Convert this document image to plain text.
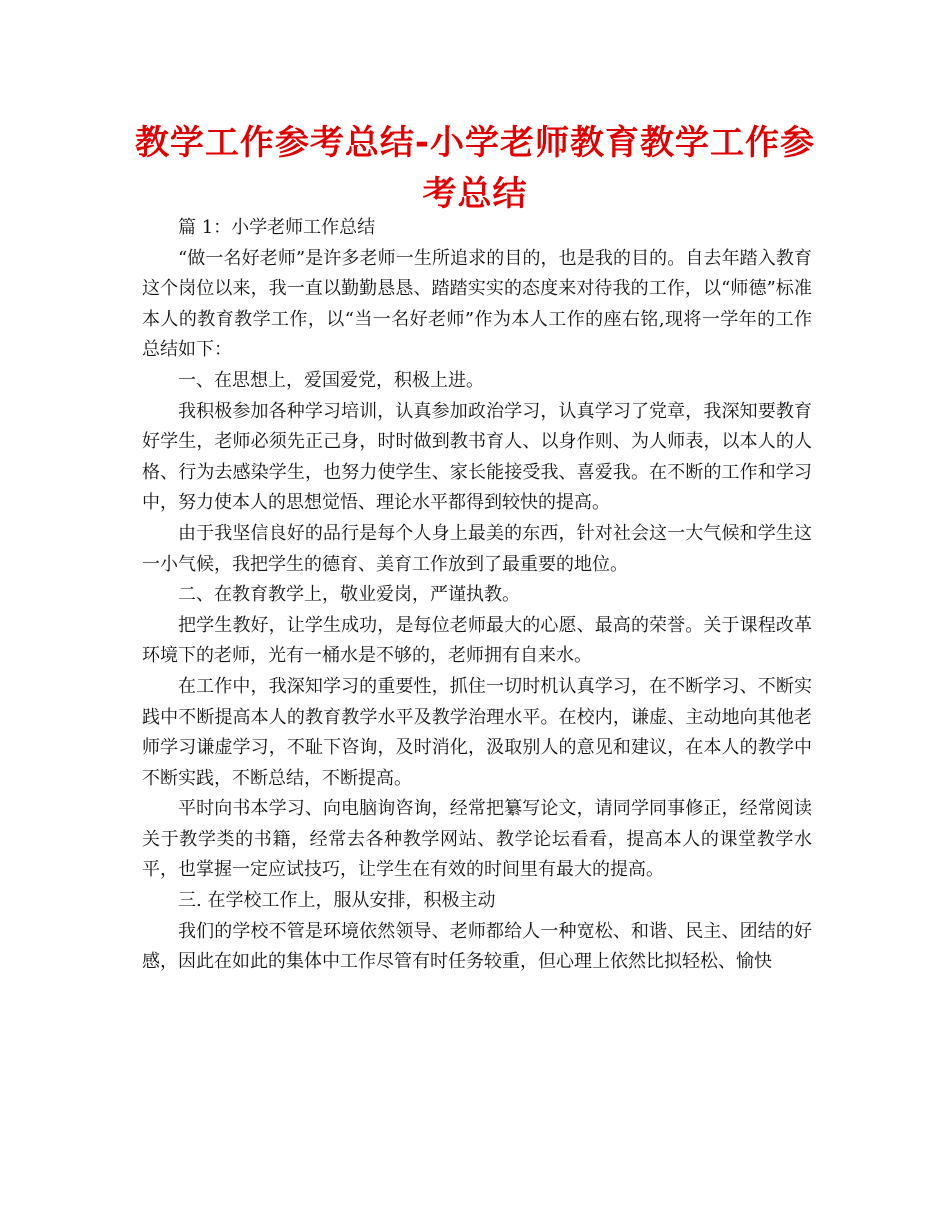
教学工作参考总结-小学老师教育教学工作参考总结

篇 1：小学老师工作总结

“做一名好老师”是许多老师一生所追求的目的，也是我的目的。自去年踏入教育这个岗位以来，我一直以勤勤恳恳、踏踏实实的态度来对待我的工作，以“师德”标准本人的教育教学工作，以“当一名好老师”作为本人工作的座右铭,现将一学年的工作总结如下：

一、在思想上，爱国爱党，积极上进。

我积极参加各种学习培训，认真参加政治学习，认真学习了党章，我深知要教育好学生，老师必须先正己身，时时做到教书育人、以身作则、为人师表，以本人的人格、行为去感染学生，也努力使学生、家长能接受我、喜爱我。在不断的工作和学习中，努力使本人的思想觉悟、理论水平都得到较快的提高。

由于我坚信良好的品行是每个人身上最美的东西，针对社会这一大气候和学生这一小气候，我把学生的德育、美育工作放到了最重要的地位。

二、在教育教学上，敬业爱岗，严谨执教。

把学生教好，让学生成功，是每位老师最大的心愿、最高的荣誉。关于课程改革环境下的老师，光有一桶水是不够的，老师拥有自来水。

在工作中，我深知学习的重要性，抓住一切时机认真学习，在不断学习、不断实践中不断提高本人的教育教学水平及教学治理水平。在校内，谦虚、主动地向其他老师学习谦虚学习，不耻下咨询，及时消化，汲取别人的意见和建议，在本人的教学中不断实践，不断总结，不断提高。

平时向书本学习、向电脑询咨询，经常把纂写论文，请同学同事修正，经常阅读关于教学类的书籍，经常去各种教学网站、教学论坛看看，提高本人的课堂教学水平，也掌握一定应试技巧，让学生在有效的时间里有最大的提高。

三. 在学校工作上，服从安排，积极主动

我们的学校不管是环境依然领导、老师都给人一种宽松、和谐、民主、团结的好感，因此在如此的集体中工作尽管有时任务较重，但心理上依然比拟轻松、愉快
